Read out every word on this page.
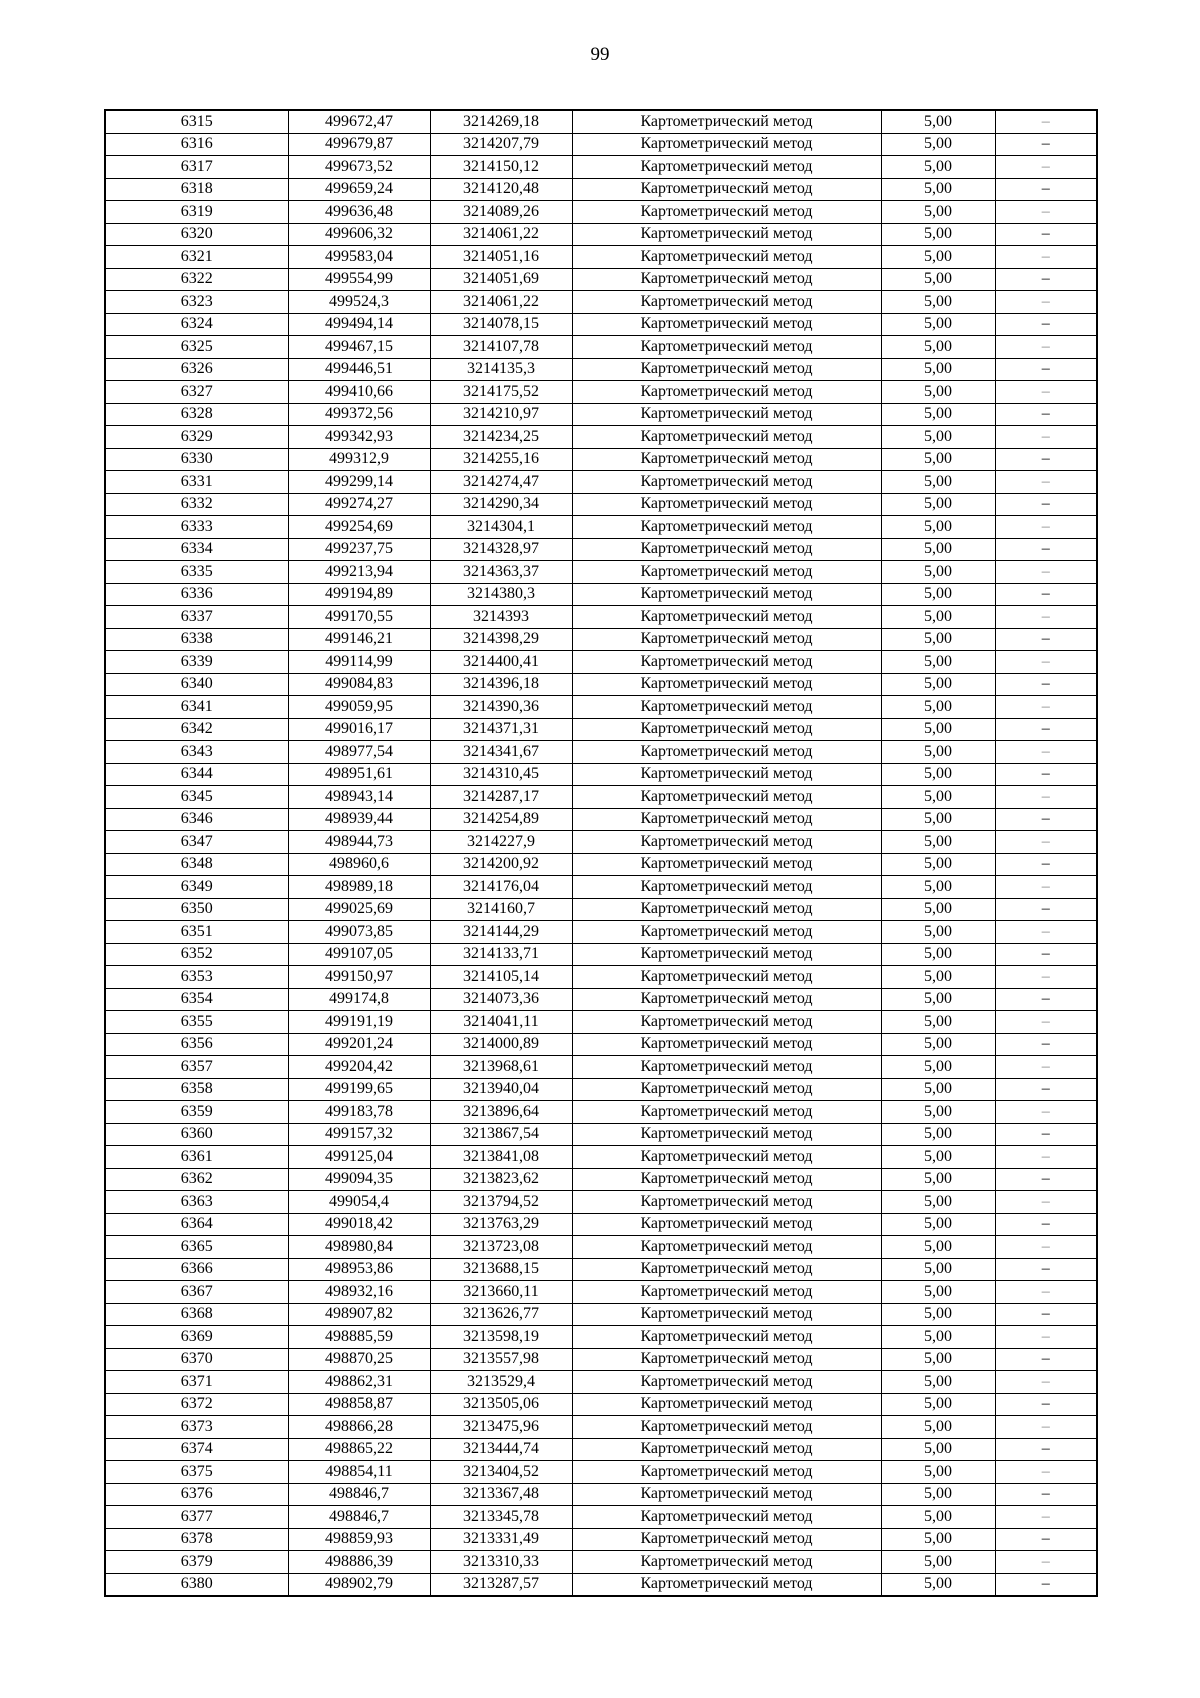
99
6315	499672,47	3214269,18	Картометрический метод	5,00	–
6316	499679,87	3214207,79	Картометрический метод	5,00	–
6317	499673,52	3214150,12	Картометрический метод	5,00	–
6318	499659,24	3214120,48	Картометрический метод	5,00	–
6319	499636,48	3214089,26	Картометрический метод	5,00	–
6320	499606,32	3214061,22	Картометрический метод	5,00	–
6321	499583,04	3214051,16	Картометрический метод	5,00	–
6322	499554,99	3214051,69	Картометрический метод	5,00	–
6323	499524,3	3214061,22	Картометрический метод	5,00	–
6324	499494,14	3214078,15	Картометрический метод	5,00	–
6325	499467,15	3214107,78	Картометрический метод	5,00	–
6326	499446,51	3214135,3	Картометрический метод	5,00	–
6327	499410,66	3214175,52	Картометрический метод	5,00	–
6328	499372,56	3214210,97	Картометрический метод	5,00	–
6329	499342,93	3214234,25	Картометрический метод	5,00	–
6330	499312,9	3214255,16	Картометрический метод	5,00	–
6331	499299,14	3214274,47	Картометрический метод	5,00	–
6332	499274,27	3214290,34	Картометрический метод	5,00	–
6333	499254,69	3214304,1	Картометрический метод	5,00	–
6334	499237,75	3214328,97	Картометрический метод	5,00	–
6335	499213,94	3214363,37	Картометрический метод	5,00	–
6336	499194,89	3214380,3	Картометрический метод	5,00	–
6337	499170,55	3214393	Картометрический метод	5,00	–
6338	499146,21	3214398,29	Картометрический метод	5,00	–
6339	499114,99	3214400,41	Картометрический метод	5,00	–
6340	499084,83	3214396,18	Картометрический метод	5,00	–
6341	499059,95	3214390,36	Картометрический метод	5,00	–
6342	499016,17	3214371,31	Картометрический метод	5,00	–
6343	498977,54	3214341,67	Картометрический метод	5,00	–
6344	498951,61	3214310,45	Картометрический метод	5,00	–
6345	498943,14	3214287,17	Картометрический метод	5,00	–
6346	498939,44	3214254,89	Картометрический метод	5,00	–
6347	498944,73	3214227,9	Картометрический метод	5,00	–
6348	498960,6	3214200,92	Картометрический метод	5,00	–
6349	498989,18	3214176,04	Картометрический метод	5,00	–
6350	499025,69	3214160,7	Картометрический метод	5,00	–
6351	499073,85	3214144,29	Картометрический метод	5,00	–
6352	499107,05	3214133,71	Картометрический метод	5,00	–
6353	499150,97	3214105,14	Картометрический метод	5,00	–
6354	499174,8	3214073,36	Картометрический метод	5,00	–
6355	499191,19	3214041,11	Картометрический метод	5,00	–
6356	499201,24	3214000,89	Картометрический метод	5,00	–
6357	499204,42	3213968,61	Картометрический метод	5,00	–
6358	499199,65	3213940,04	Картометрический метод	5,00	–
6359	499183,78	3213896,64	Картометрический метод	5,00	–
6360	499157,32	3213867,54	Картометрический метод	5,00	–
6361	499125,04	3213841,08	Картометрический метод	5,00	–
6362	499094,35	3213823,62	Картометрический метод	5,00	–
6363	499054,4	3213794,52	Картометрический метод	5,00	–
6364	499018,42	3213763,29	Картометрический метод	5,00	–
6365	498980,84	3213723,08	Картометрический метод	5,00	–
6366	498953,86	3213688,15	Картометрический метод	5,00	–
6367	498932,16	3213660,11	Картометрический метод	5,00	–
6368	498907,82	3213626,77	Картометрический метод	5,00	–
6369	498885,59	3213598,19	Картометрический метод	5,00	–
6370	498870,25	3213557,98	Картометрический метод	5,00	–
6371	498862,31	3213529,4	Картометрический метод	5,00	–
6372	498858,87	3213505,06	Картометрический метод	5,00	–
6373	498866,28	3213475,96	Картометрический метод	5,00	–
6374	498865,22	3213444,74	Картометрический метод	5,00	–
6375	498854,11	3213404,52	Картометрический метод	5,00	–
6376	498846,7	3213367,48	Картометрический метод	5,00	–
6377	498846,7	3213345,78	Картометрический метод	5,00	–
6378	498859,93	3213331,49	Картометрический метод	5,00	–
6379	498886,39	3213310,33	Картометрический метод	5,00	–
6380	498902,79	3213287,57	Картометрический метод	5,00	–
